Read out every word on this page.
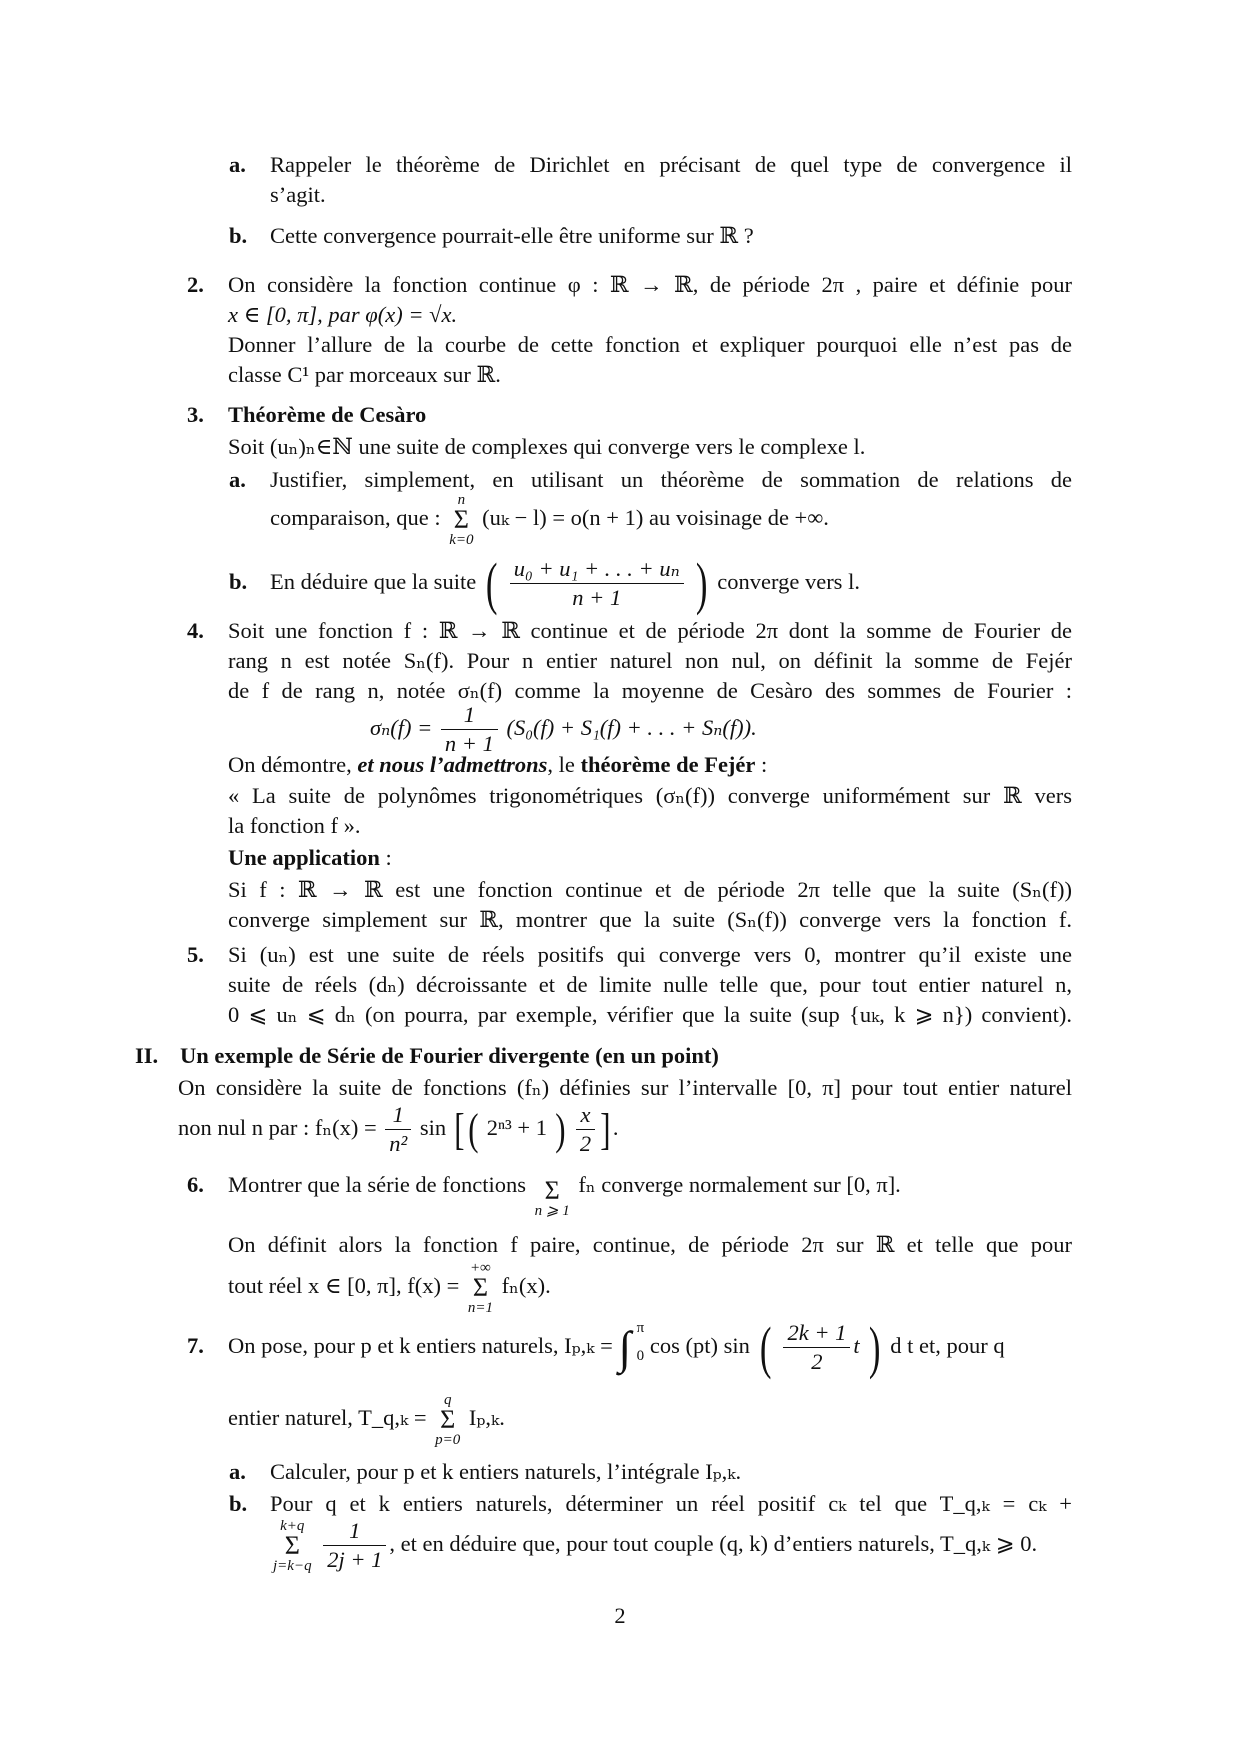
a. Rappeler le théorème de Dirichlet en précisant de quel type de convergence il
s’agit.
b. Cette convergence pourrait-elle être uniforme sur ℝ ?
2. On considère la fonction continue φ : ℝ → ℝ, de période 2π , paire et définie pour
x ∈ [0, π], par φ(x) = √x.
Donner l’allure de la courbe de cette fonction et expliquer pourquoi elle n’est pas de
classe C¹ par morceaux sur ℝ.
3. Théorème de Cesàro
Soit (uₙ)ₙ∈ℕ une suite de complexes qui converge vers le complexe l.
a. Justifier, simplement, en utilisant un théorème de sommation de relations de
comparaison, que :
n
Σ
k=0
(uₖ − l) = o(n + 1) au voisinage de +∞.
b. En déduire que la suite ( $\frac{\text{u₀ + u₁ + . . . + uₙ}}{n + 1}$ ) converge vers l.
4. Soit une fonction f : ℝ → ℝ continue et de période 2π dont la somme de Fourier de
rang n est notée Sₙ(f). Pour n entier naturel non nul, on définit la somme de Fejér
de f de rang n, notée σₙ(f) comme la moyenne de Cesàro des sommes de Fourier :
$\sigma_n(f) = \frac{1}{n + 1} (S_0(f) + S_1(f)$ + . . . + Sₙ(f)).
On démontre, et nous l’admettrons, le théorème de Fejér :
« La suite de polynômes trigonométriques (σₙ(f)) converge uniformément sur ℝ vers
la fonction f ».
Une application :
Si f : ℝ → ℝ est une fonction continue et de période 2π telle que la suite (Sₙ(f))
converge simplement sur ℝ, montrer que la suite (Sₙ(f)) converge vers la fonction f.
5. Si (uₙ) est une suite de réels positifs qui converge vers 0, montrer qu’il existe une
suite de réels (dₙ) décroissante et de limite nulle telle que, pour tout entier naturel n,
0 ⩽ uₙ ⩽ dₙ (on pourra, par exemple, vérifier que la suite (sup {uₖ, k ⩾ n}) convient).
II. Un exemple de Série de Fourier divergente (en un point)
On considère la suite de fonctions (fₙ) définies sur l’intervalle [0, π] pour tout entier naturel
non nul n par : $f_n(x) = \frac{1}{\text{n²}}$ sin [( 2ⁿ³ + 1 ) $\frac{x}{2}$ ].
6. Montrer que la série de fonctions Σ
n ⩾ 1
fₙ converge normalement sur [0, π].
On définit alors la fonction f paire, continue, de période 2π sur ℝ et telle que pour
tout réel x ∈ [0, π], f(x) =
+∞
Σ
n=1
fₙ(x).
7. On pose, pour p et k entiers naturels, Iₚ,ₖ = ∫ π
0 cos (pt) sin ( $\frac{2k + 1}{2}$ t ) d t et, pour q
entier naturel, T_q,ₖ =
q
Σ
p=0
Iₚ,ₖ.
a. Calculer, pour p et k entiers naturels, l’intégrale Iₚ,ₖ.
b. Pour q et k entiers naturels, déterminer un réel positif cₖ tel que T_q,ₖ = cₖ +
k+q
Σ
j=k−q
$\frac{1}{2j + 1}$ , et en déduire que, pour tout couple (q, k) d’entiers naturels, T_q,ₖ ⩾ 0.
2
